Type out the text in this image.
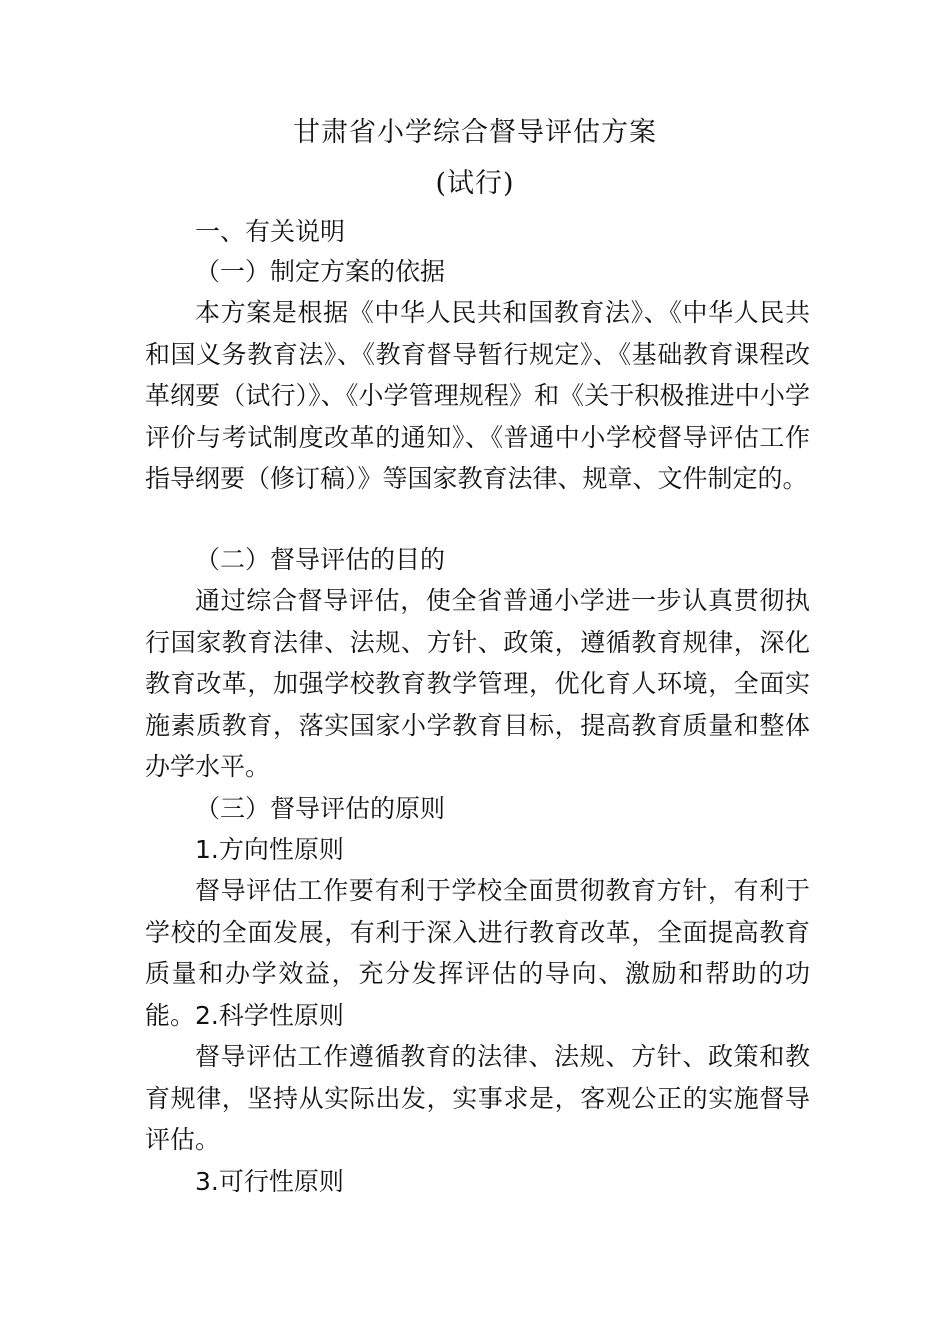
甘肃省小学综合督导评估方案
(试行)
一、有关说明
（一）制定方案的依据
本方案是根据《中华人民共和国教育法》、《中华人民共和国义务教育法》、《教育督导暂行规定》、《基础教育课程改革纲要（试行）》、《小学管理规程》和《关于积极推进中小学评价与考试制度改革的通知》、《普通中小学校督导评估工作指导纲要（修订稿）》等国家教育法律、规章、文件制定的。
（二）督导评估的目的
通过综合督导评估，使全省普通小学进一步认真贯彻执行国家教育法律、法规、方针、政策，遵循教育规律，深化教育改革，加强学校教育教学管理，优化育人环境，全面实施素质教育，落实国家小学教育目标，提高教育质量和整体办学水平。
（三）督导评估的原则
1.方向性原则
督导评估工作要有利于学校全面贯彻教育方针，有利于学校的全面发展，有利于深入进行教育改革，全面提高教育质量和办学效益，充分发挥评估的导向、激励和帮助的功能。 2.科学性原则
督导评估工作遵循教育的法律、法规、方针、政策和教育规律，坚持从实际出发，实事求是，客观公正的实施督导评估。
3.可行性原则
